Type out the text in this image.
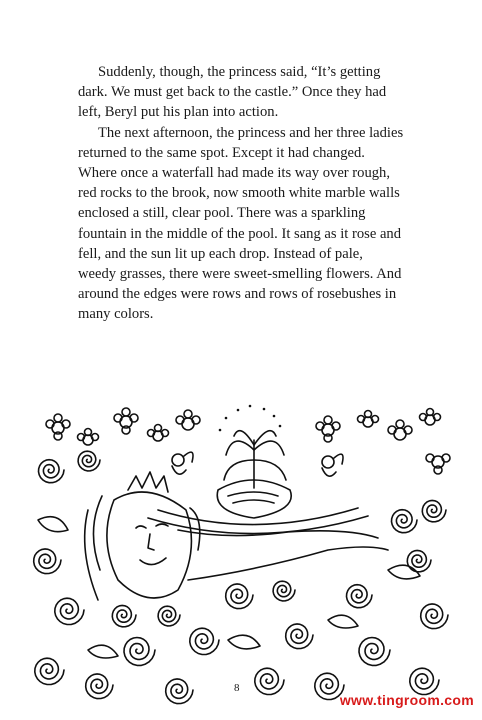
Suddenly, though, the princess said, “It’s getting dark. We must get back to the castle.” Once they had left, Beryl put his plan into action.

The next afternoon, the princess and her three ladies returned to the same spot. Except it had changed. Where once a waterfall had made its way over rough, red rocks to the brook, now smooth white marble walls enclosed a still, clear pool. There was a sparkling fountain in the middle of the pool. It sang as it rose and fell, and the sun lit up each drop. Instead of pale, weedy grasses, there were sweet-smelling flowers. And around the edges were rows and rows of rosebushes in many colors.

8
www.tingroom.com
